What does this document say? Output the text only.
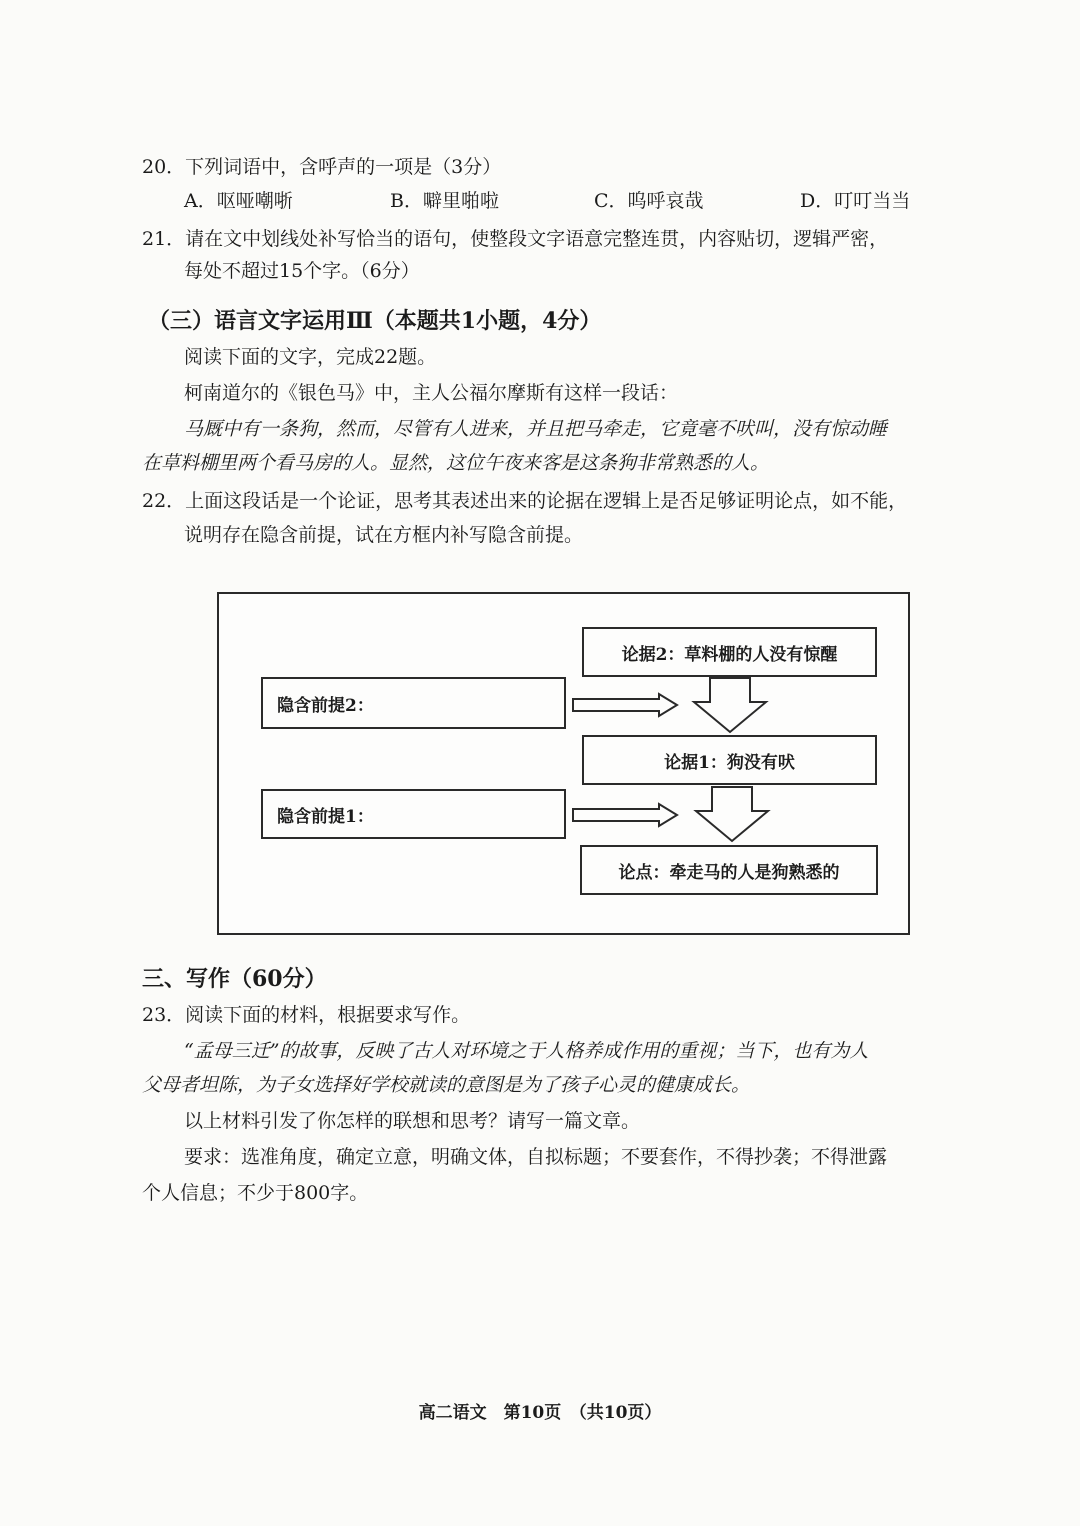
20．下列词语中，含呼声的一项是（3分）
A．呕哑嘲哳	B．噼里啪啦	C．呜呼哀哉	D．叮叮当当
21．请在文中划线处补写恰当的语句，使整段文字语意完整连贯，内容贴切，逻辑严密，
每处不超过15个字。（6分）
（三）语言文字运用Ⅲ（本题共1小题，4分）
阅读下面的文字，完成22题。
柯南道尔的《银色马》中，主人公福尔摩斯有这样一段话：
马厩中有一条狗，然而，尽管有人进来，并且把马牵走，它竟毫不吠叫，没有惊动睡
在草料棚里两个看马房的人。显然，这位午夜来客是这条狗非常熟悉的人。
22．上面这段话是一个论证，思考其表述出来的论据在逻辑上是否足够证明论点，如不能，
说明存在隐含前提，试在方框内补写隐含前提。
论据2：草料棚的人没有惊醒
隐含前提2：
论据1：狗没有吠
隐含前提1：
论点：牵走马的人是狗熟悉的
三、写作（60分）
23．阅读下面的材料，根据要求写作。
“孟母三迁”的故事，反映了古人对环境之于人格养成作用的重视；当下，也有为人
父母者坦陈，为子女选择好学校就读的意图是为了孩子心灵的健康成长。
以上材料引发了你怎样的联想和思考？请写一篇文章。
要求：选准角度，确定立意，明确文体，自拟标题；不要套作，不得抄袭；不得泄露
个人信息；不少于800字。
高二语文　第10页　（共10页）
